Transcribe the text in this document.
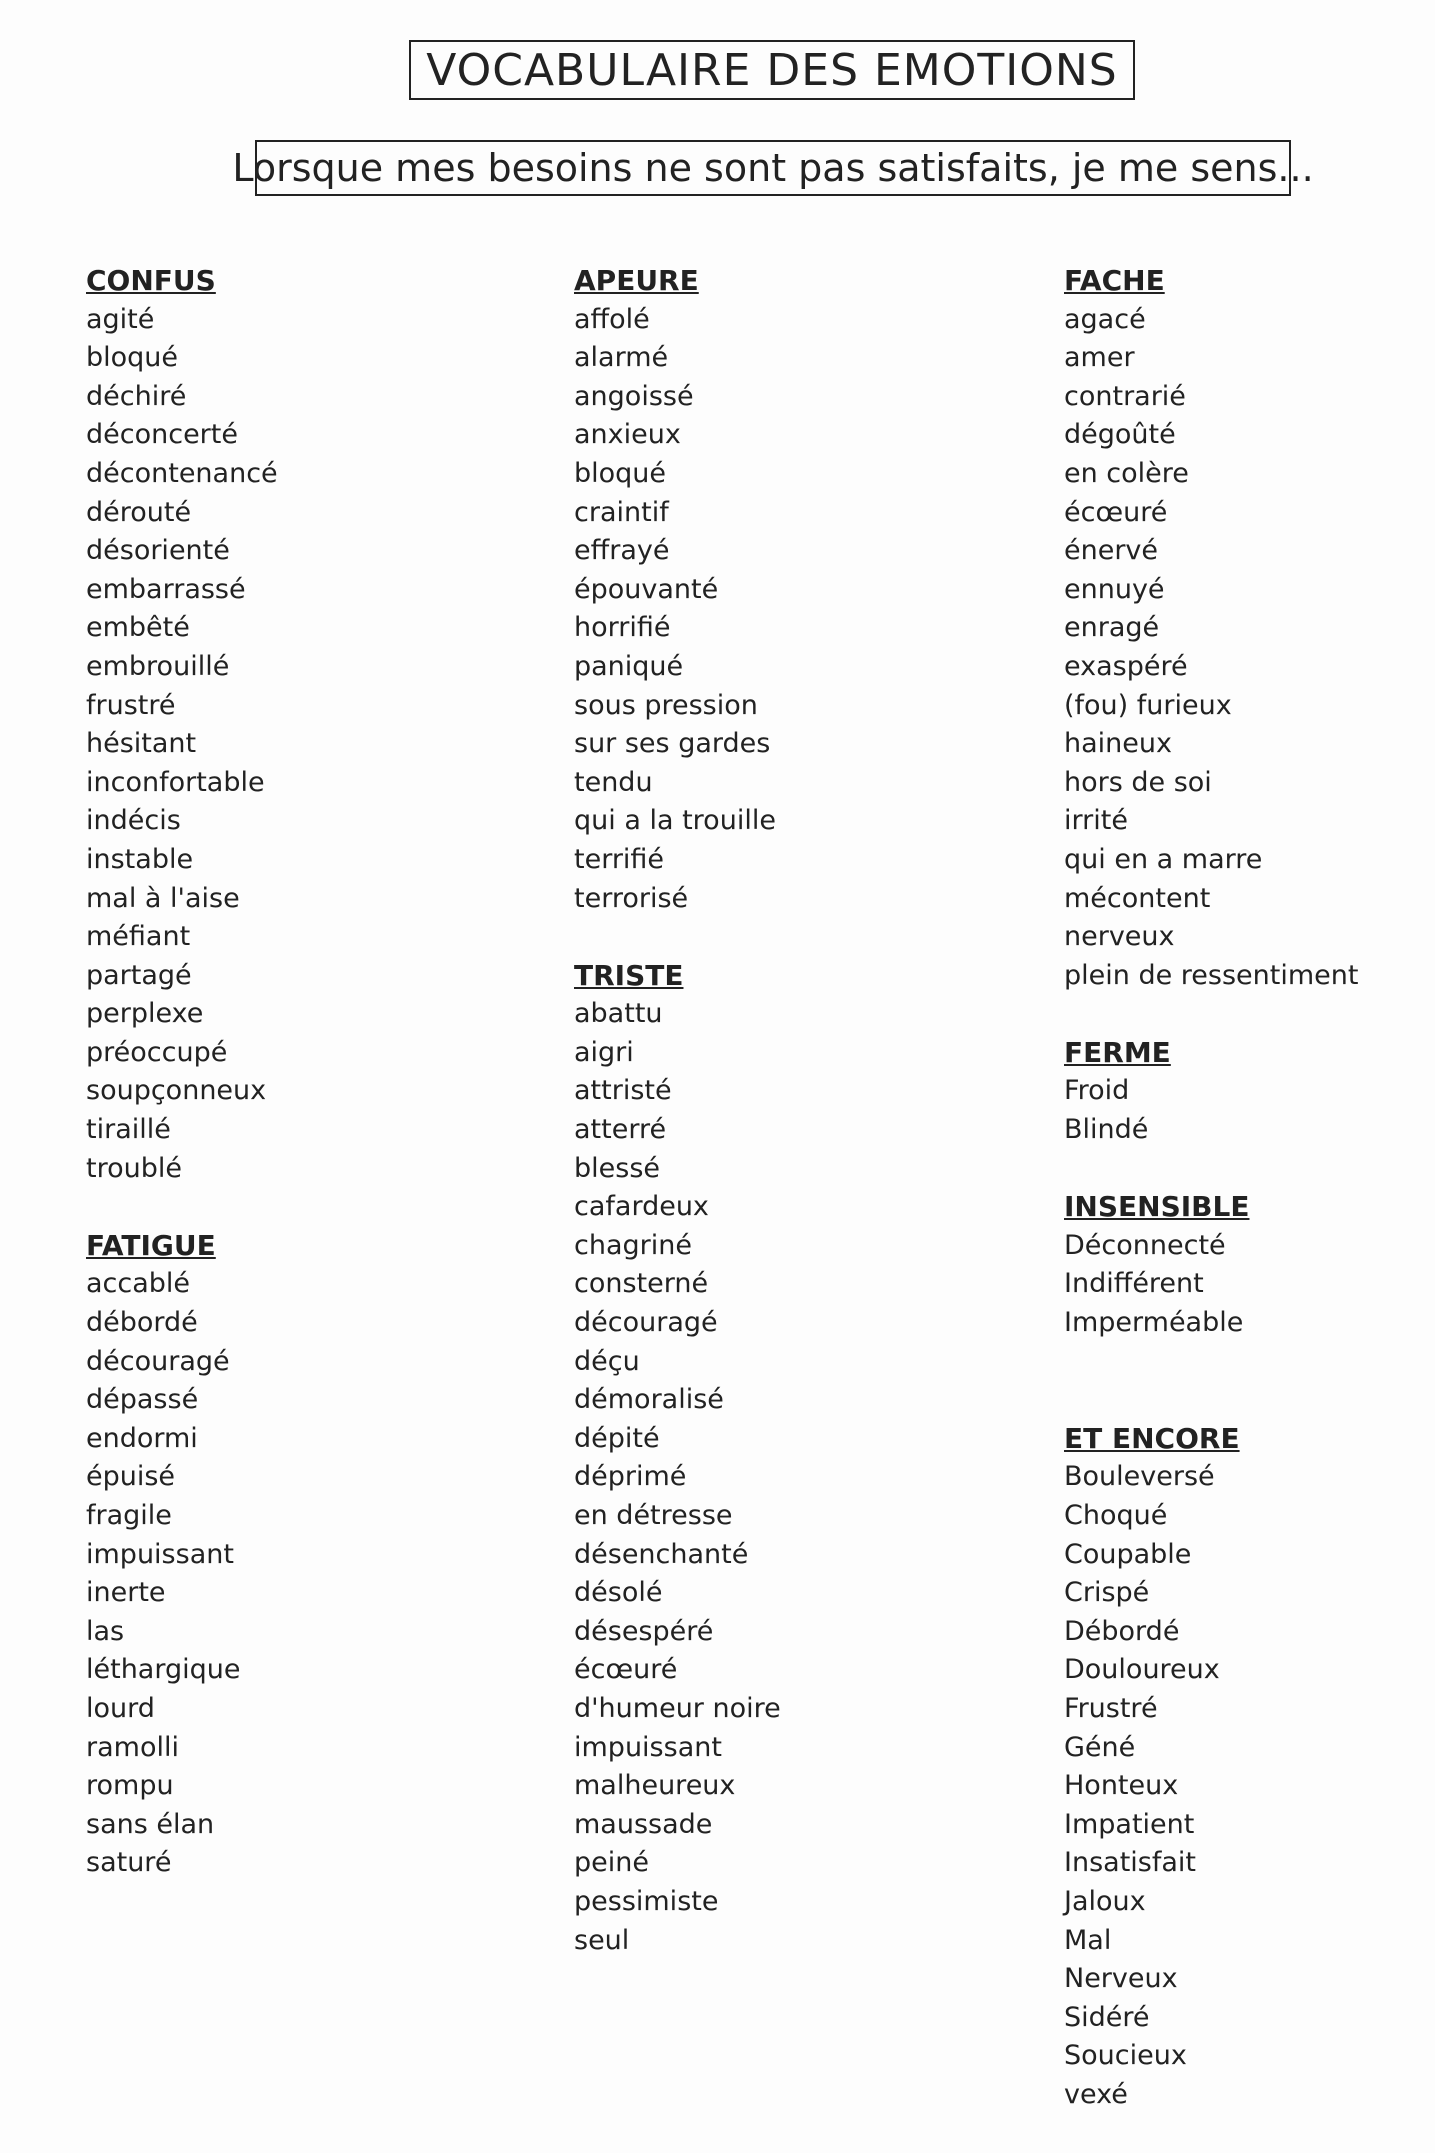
VOCABULAIRE DES EMOTIONS
Lorsque mes besoins ne sont pas satisfaits, je me sens...
CONFUS
agité
bloqué
déchiré
déconcerté
décontenancé
dérouté
désorienté
embarrassé
embêté
embrouillé
frustré
hésitant
inconfortable
indécis
instable
mal à l'aise
méfiant
partagé
perplexe
préoccupé
soupçonneux
tiraillé
troublé
FATIGUE
accablé
débordé
découragé
dépassé
endormi
épuisé
fragile
impuissant
inerte
las
léthargique
lourd
ramolli
rompu
sans élan
saturé
APEURE
affolé
alarmé
angoissé
anxieux
bloqué
craintif
effrayé
épouvanté
horrifié
paniqué
sous pression
sur ses gardes
tendu
qui a la trouille
terrifié
terrorisé
TRISTE
abattu
aigri
attristé
atterré
blessé
cafardeux
chagriné
consterné
découragé
déçu
démoralisé
dépité
déprimé
en détresse
désenchanté
désolé
désespéré
écœuré
d'humeur noire
impuissant
malheureux
maussade
peiné
pessimiste
seul
FACHE
agacé
amer
contrarié
dégoûté
en colère
écœuré
énervé
ennuyé
enragé
exaspéré
(fou) furieux
haineux
hors de soi
irrité
qui en a marre
mécontent
nerveux
plein de ressentiment
FERME
Froid
Blindé
INSENSIBLE
Déconnecté
Indifférent
Imperméable
ET ENCORE
Bouleversé
Choqué
Coupable
Crispé
Débordé
Douloureux
Frustré
Géné
Honteux
Impatient
Insatisfait
Jaloux
Mal
Nerveux
Sidéré
Soucieux
vexé
